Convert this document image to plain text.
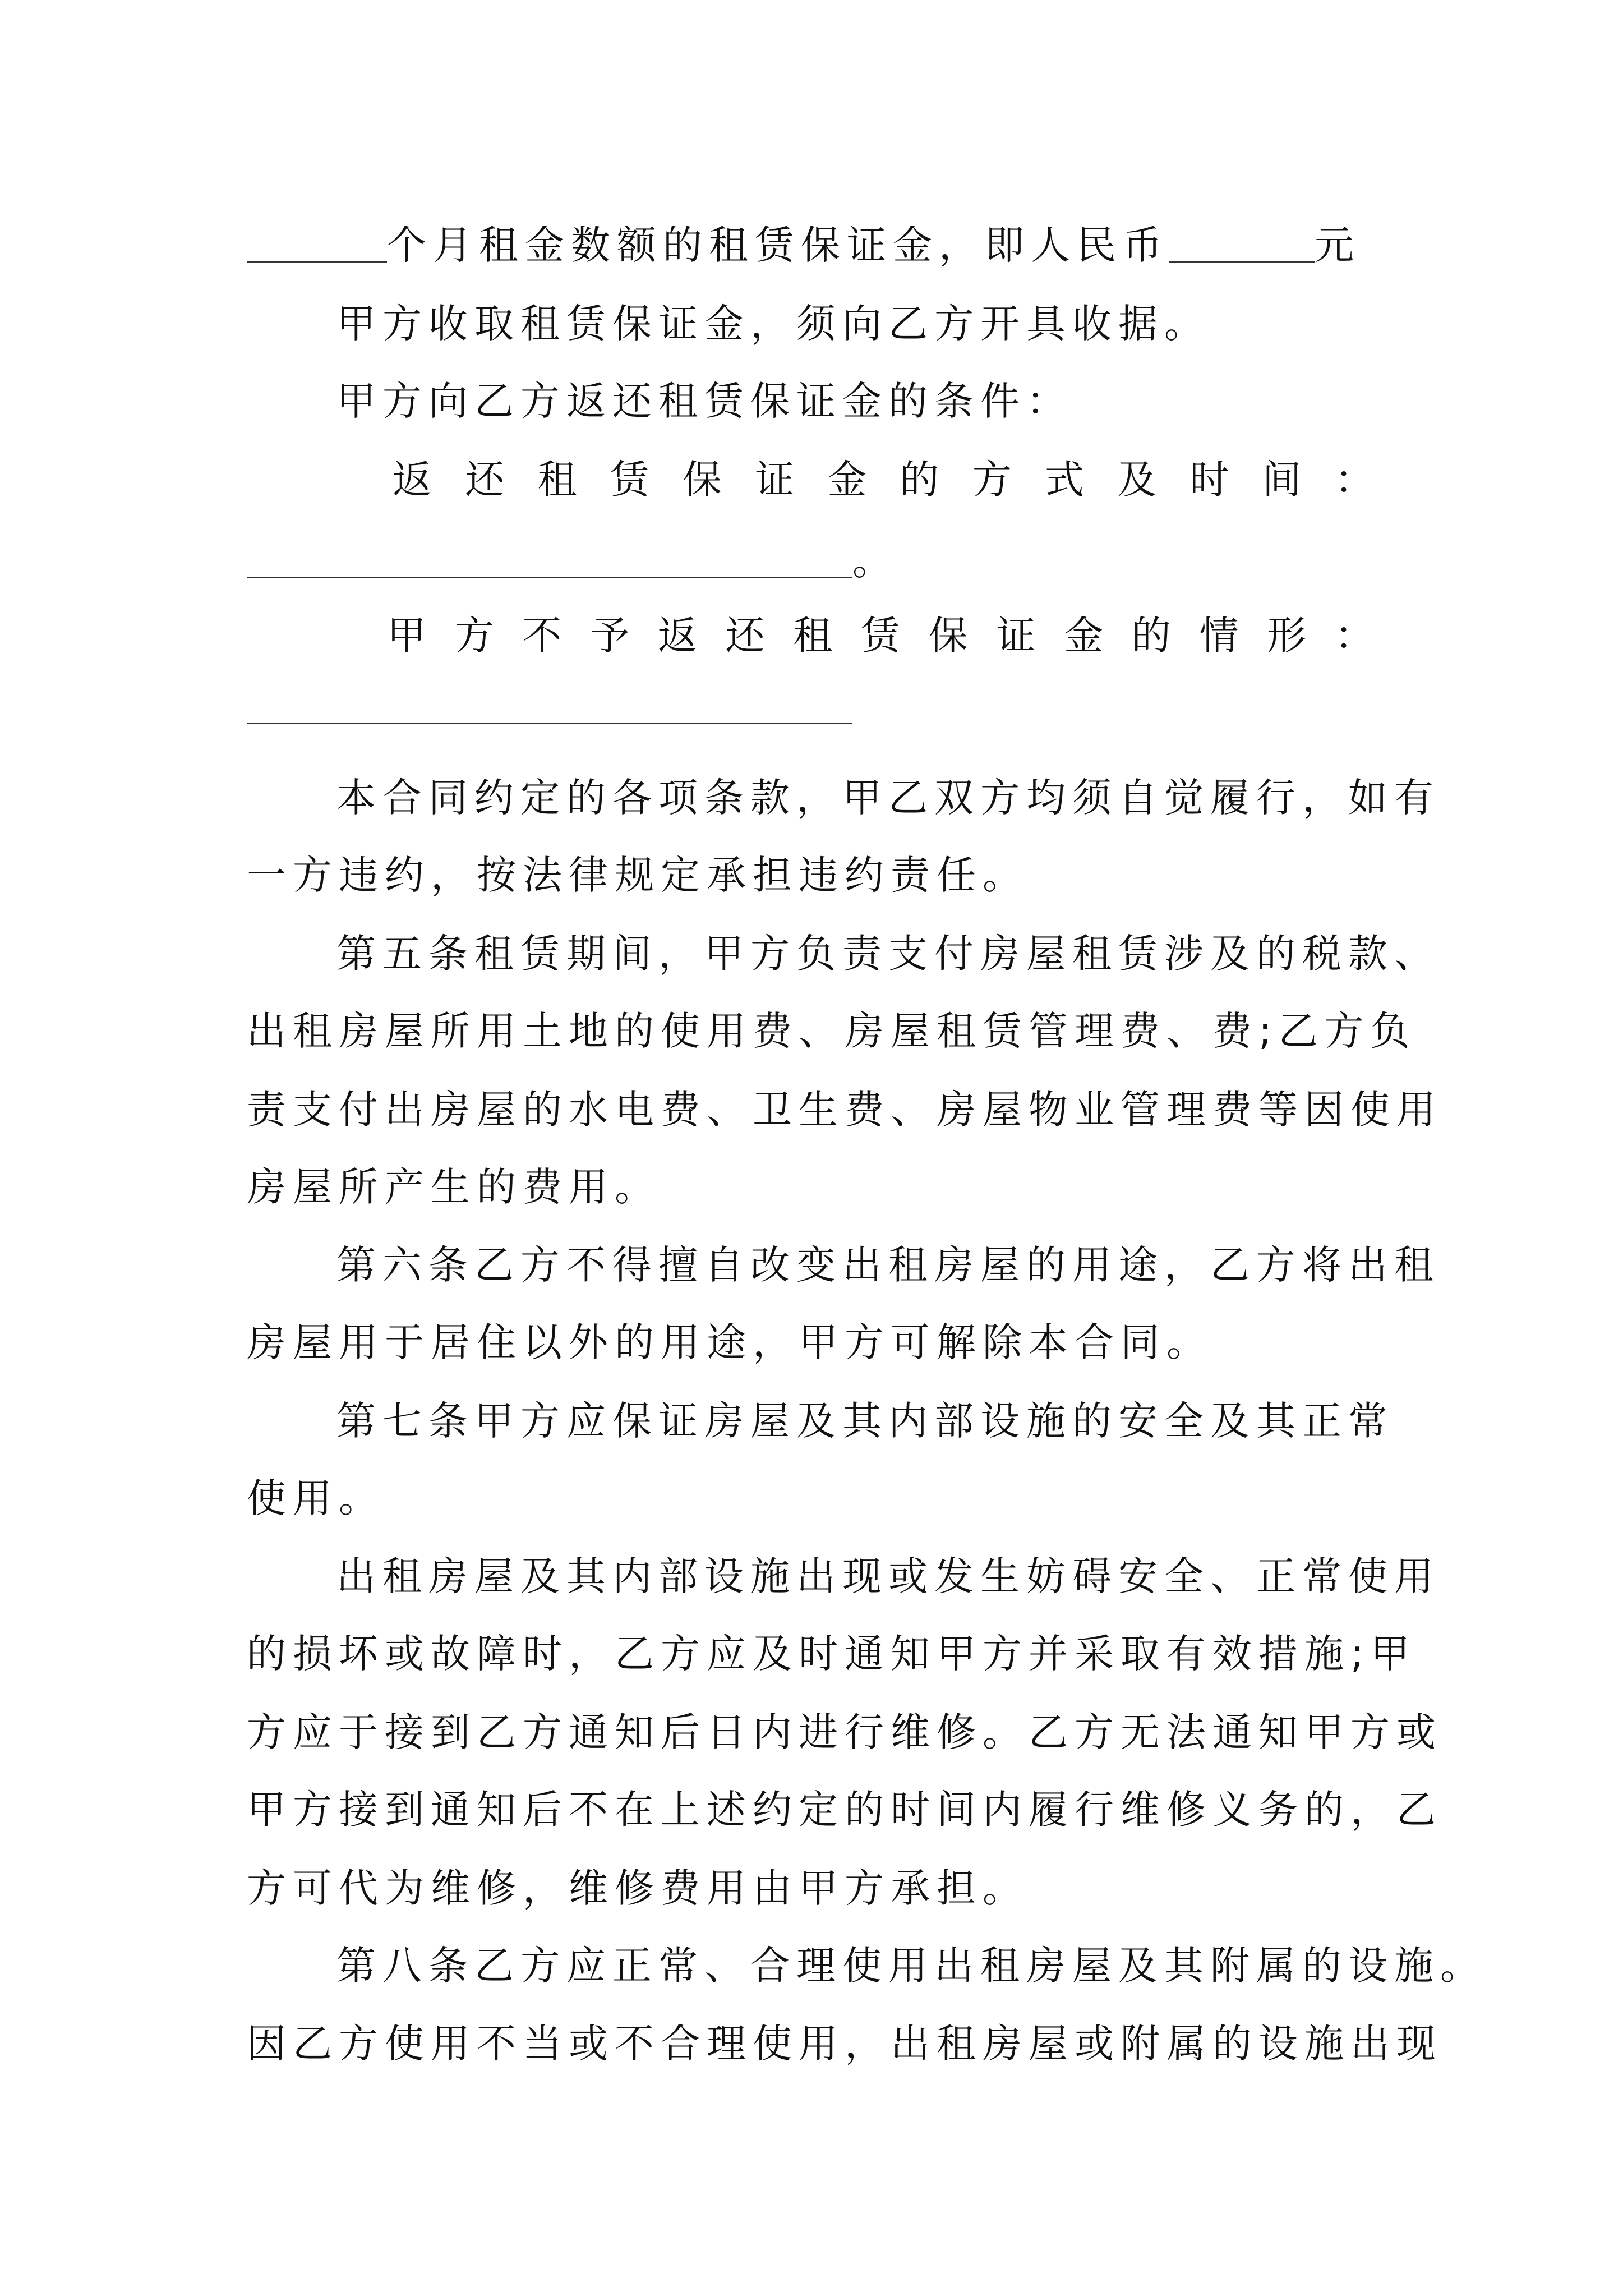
个月租金数额的租赁保证金，即人民币	元
甲方收取租赁保证金，须向乙方开具收据。
甲方向乙方返还租赁保证金的条件：
返 还 租 赁 保 证 金 的 方 式 及 时 间 ：
。
甲 方 不 予 返 还 租 赁 保 证 金 的 情 形 ：
本合同约定的各项条款，甲乙双方均须自觉履行，如有
一方违约，按法律规定承担违约责任。
第五条租赁期间，甲方负责支付房屋租赁涉及的税款、
出租房屋所用土地的使用费、房屋租赁管理费、费;乙方负
责支付出房屋的水电费、卫生费、房屋物业管理费等因使用
房屋所产生的费用。
第六条乙方不得擅自改变出租房屋的用途，乙方将出租
房屋用于居住以外的用途，甲方可解除本合同。
第七条甲方应保证房屋及其内部设施的安全及其正常
使用。
出租房屋及其内部设施出现或发生妨碍安全、正常使用
的损坏或故障时，乙方应及时通知甲方并采取有效措施;甲
方应于接到乙方通知后日内进行维修。乙方无法通知甲方或
甲方接到通知后不在上述约定的时间内履行维修义务的，乙
方可代为维修，维修费用由甲方承担。
第八条乙方应正常、合理使用出租房屋及其附属的设施。
因乙方使用不当或不合理使用，出租房屋或附属的设施出现
